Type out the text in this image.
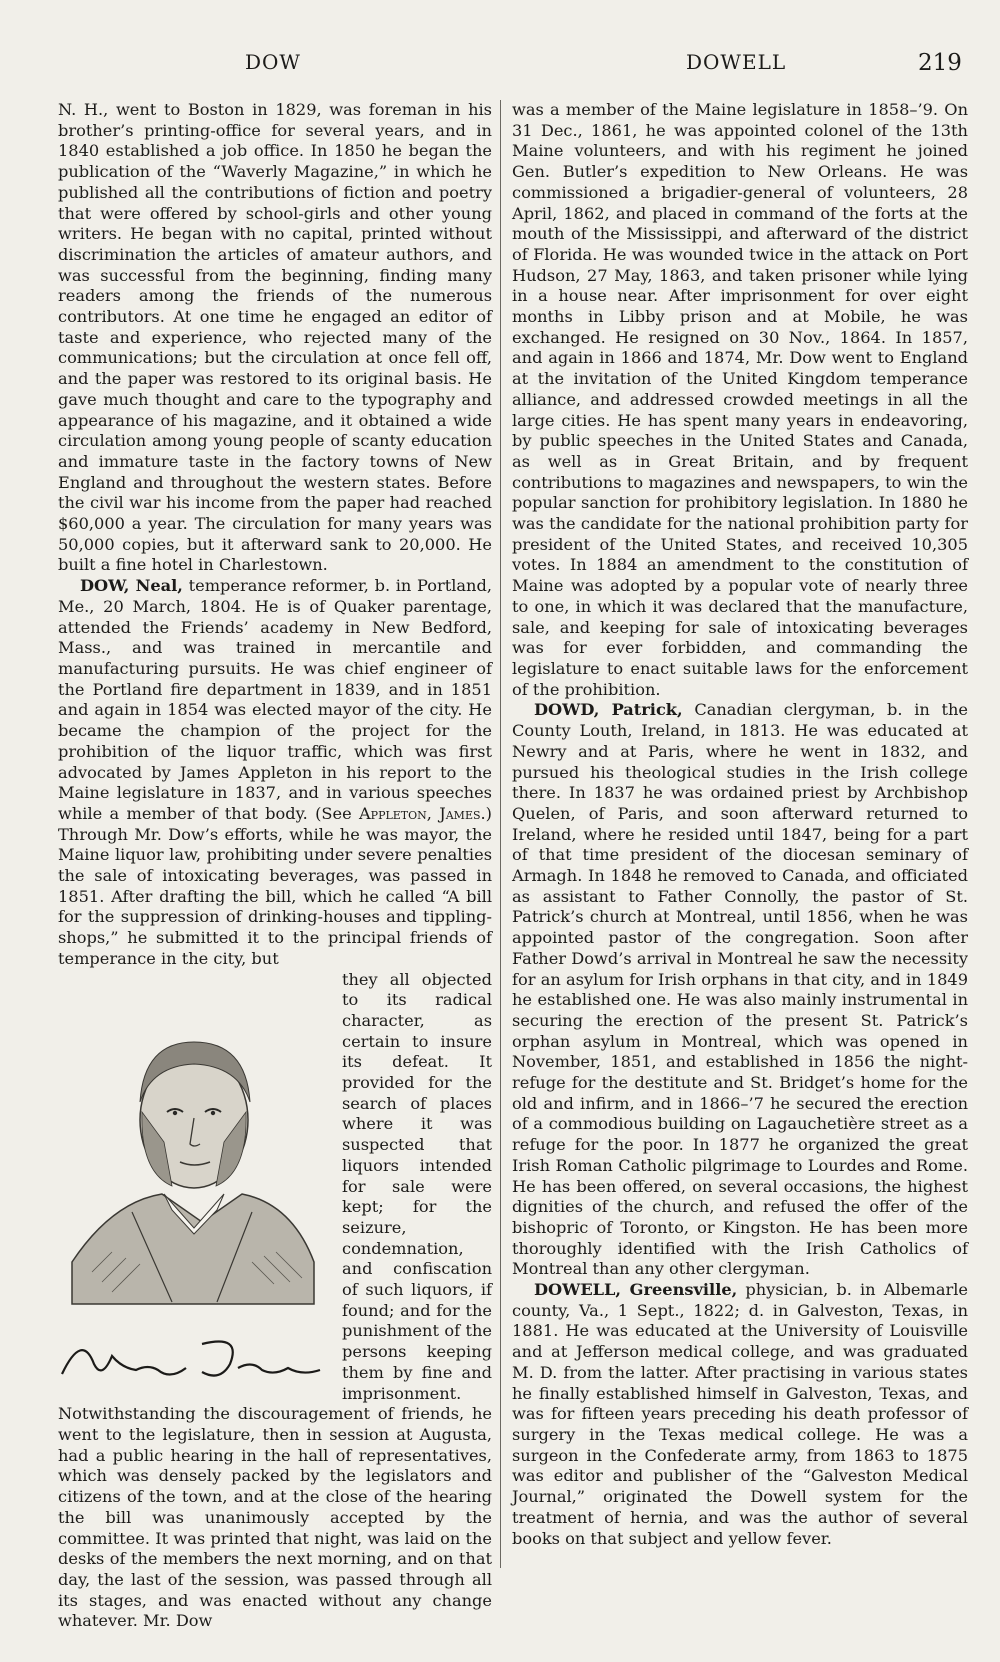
DOW	DOWELL	219

N. H., went to Boston in 1829, was foreman in his brother’s printing-office for several years, and in 1840 established a job office. In 1850 he began the publication of the “Waverly Magazine,” in which he published all the contributions of fiction and poetry that were offered by school-girls and other young writers. He began with no capital, printed without discrimination the articles of amateur authors, and was successful from the beginning, finding many readers among the friends of the numerous contributors. At one time he engaged an editor of taste and experience, who rejected many of the communications; but the circulation at once fell off, and the paper was restored to its original basis. He gave much thought and care to the typography and appearance of his magazine, and it obtained a wide circulation among young people of scanty education and immature taste in the factory towns of New England and throughout the western states. Before the civil war his income from the paper had reached $60,000 a year. The circulation for many years was 50,000 copies, but it afterward sank to 20,000. He built a fine hotel in Charlestown.

DOW, Neal, temperance reformer, b. in Portland, Me., 20 March, 1804. He is of Quaker parentage, attended the Friends’ academy in New Bedford, Mass., and was trained in mercantile and manufacturing pursuits. He was chief engineer of the Portland fire department in 1839, and in 1851 and again in 1854 was elected mayor of the city. He became the champion of the project for the prohibition of the liquor traffic, which was first advocated by James Appleton in his report to the Maine legislature in 1837, and in various speeches while a member of that body. (See Appleton, James.) Through Mr. Dow’s efforts, while he was mayor, the Maine liquor law, prohibiting under severe penalties the sale of intoxicating beverages, was passed in 1851. After drafting the bill, which he called “A bill for the suppression of drinking-houses and tippling-shops,” he submitted it to the principal friends of temperance in the city, but

they all objected to its radical character, as certain to insure its defeat. It provided for the search of places where it was suspected that liquors intended for sale were kept; for the seizure, condemnation, and confiscation of such liquors, if found; and for the punishment of the persons keeping them by fine and imprisonment. Notwithstanding the discouragement of friends, he went to the legislature, then in session at Augusta, had a public hearing in the hall of representatives, which was densely packed by the legislators and citizens of the town, and at the close of the hearing the bill was unanimously accepted by the committee. It was printed that night, was laid on the desks of the members the next morning, and on that day, the last of the session, was passed through all its stages, and was enacted without any change whatever. Mr. Dow

was a member of the Maine legislature in 1858–’9. On 31 Dec., 1861, he was appointed colonel of the 13th Maine volunteers, and with his regiment he joined Gen. Butler’s expedition to New Orleans. He was commissioned a brigadier-general of volunteers, 28 April, 1862, and placed in command of the forts at the mouth of the Mississippi, and afterward of the district of Florida. He was wounded twice in the attack on Port Hudson, 27 May, 1863, and taken prisoner while lying in a house near. After imprisonment for over eight months in Libby prison and at Mobile, he was exchanged. He resigned on 30 Nov., 1864. In 1857, and again in 1866 and 1874, Mr. Dow went to England at the invitation of the United Kingdom temperance alliance, and addressed crowded meetings in all the large cities. He has spent many years in endeavoring, by public speeches in the United States and Canada, as well as in Great Britain, and by frequent contributions to magazines and newspapers, to win the popular sanction for prohibitory legislation. In 1880 he was the candidate for the national prohibition party for president of the United States, and received 10,305 votes. In 1884 an amendment to the constitution of Maine was adopted by a popular vote of nearly three to one, in which it was declared that the manufacture, sale, and keeping for sale of intoxicating beverages was for ever forbidden, and commanding the legislature to enact suitable laws for the enforcement of the prohibition.

DOWD, Patrick, Canadian clergyman, b. in the County Louth, Ireland, in 1813. He was educated at Newry and at Paris, where he went in 1832, and pursued his theological studies in the Irish college there. In 1837 he was ordained priest by Archbishop Quelen, of Paris, and soon afterward returned to Ireland, where he resided until 1847, being for a part of that time president of the diocesan seminary of Armagh. In 1848 he removed to Canada, and officiated as assistant to Father Connolly, the pastor of St. Patrick’s church at Montreal, until 1856, when he was appointed pastor of the congregation. Soon after Father Dowd’s arrival in Montreal he saw the necessity for an asylum for Irish orphans in that city, and in 1849 he established one. He was also mainly instrumental in securing the erection of the present St. Patrick’s orphan asylum in Montreal, which was opened in November, 1851, and established in 1856 the night-refuge for the destitute and St. Bridget’s home for the old and infirm, and in 1866–’7 he secured the erection of a commodious building on Lagauchetière street as a refuge for the poor. In 1877 he organized the great Irish Roman Catholic pilgrimage to Lourdes and Rome. He has been offered, on several occasions, the highest dignities of the church, and refused the offer of the bishopric of Toronto, or Kingston. He has been more thoroughly identified with the Irish Catholics of Montreal than any other clergyman.

DOWELL, Greensville, physician, b. in Albemarle county, Va., 1 Sept., 1822; d. in Galveston, Texas, in 1881. He was educated at the University of Louisville and at Jefferson medical college, and was graduated M. D. from the latter. After practising in various states he finally established himself in Galveston, Texas, and was for fifteen years preceding his death professor of surgery in the Texas medical college. He was a surgeon in the Confederate army, from 1863 to 1875 was editor and publisher of the “Galveston Medical Journal,” originated the Dowell system for the treatment of hernia, and was the author of several books on that subject and yellow fever.
